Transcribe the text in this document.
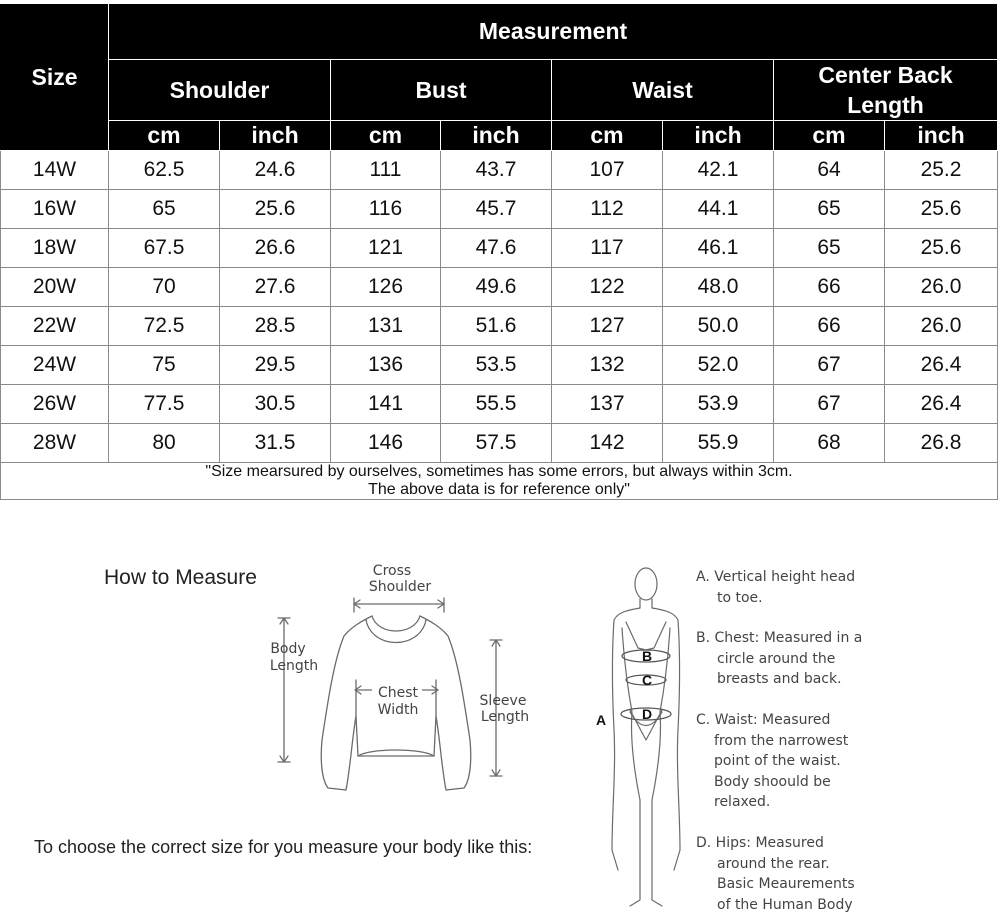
Size	Measurement							
	Shoulder		Bust		Waist		Center Back
Length	
	cm	inch	cm	inch	cm	inch	cm	inch
14W	62.5	24.6	111	43.7	107	42.1	64	25.2
16W	65	25.6	116	45.7	112	44.1	65	25.6
18W	67.5	26.6	121	47.6	117	46.1	65	25.6
20W	70	27.6	126	49.6	122	48.0	66	26.0
22W	72.5	28.5	131	51.6	127	50.0	66	26.0
24W	75	29.5	136	53.5	132	52.0	67	26.4
26W	77.5	30.5	141	55.5	137	53.9	67	26.4
28W	80	31.5	146	57.5	142	55.9	68	26.8
"Size mearsured by ourselves, sometimes has some errors, but always within 3cm.
The above data is for reference only"								
How to Measure	Cross
Shoulder
Body
Length
Chest
Width
Sleeve
Length
To choose the correct size for you measure your body like this:
B
C
D
A
A. Vertical height head
to toe.
B. Chest: Measured in a
circle around the
breasts and back.
C. Waist: Measured
from the narrowest
point of the waist.
Body shoould be
relaxed.
D. Hips: Measured
around the rear.
Basic Meaurements
of the Human Body
